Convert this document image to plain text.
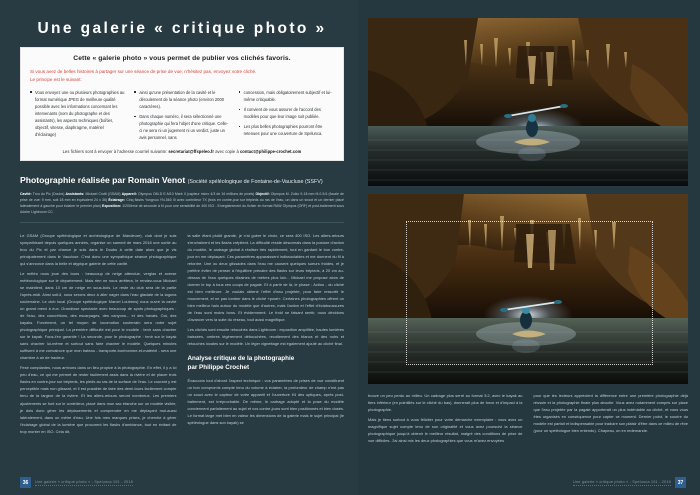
Une galerie « critique photo »
Cette « galerie photo » vous permet de publier vos clichés favoris.
Si vous avez de belles histoires à partager sur une séance de prise de vue, n'hésitez pas, envoyez votre cliché.
Le principe est le suivant:
Vous envoyez une ou plusieurs photographies au format numérique JPEG de meilleure qualité possible avec les informations concernant les intervenants (nom du photographe et des assistants), les aspects techniques (boîtier, objectif, vitesse, diaphragme, matériel d'éclairage)
ainsi qu'une présentation de la cavité et le déroulement de la séance photo (environ 2000 caractères).
Dans chaque numéro, il sera sélectionné une photographie qui fera l'objet d'une critique. Celle-ci ne sera ni un jugement ni un verdict, juste un avis personnel, sans
concession, mais obligatoirement subjectif et lui-même critiquable.
Il convient de vous assurer de l'accord des modèles pour que leur image soit publiée.
Les plus belles photographies pourront être retenues pour une couverture de Spelunca.
Les fichiers sont à envoyer à l'adresse courriel suivante: secretariat@ffspeleo.fr avec copie à contact@philippe-crochet.com
Photographie réalisée par Romain Venot (Société spéléologique de Fontaine-de-Vaucluse (SSFV)
Cavité: Trou du Pic (Doubs) Assistants: Mickael Crotti (GSAM) Appareil: Olympus OM-D E-M10 Mark II (capteur micro 4/3 de 16 millions de pixels) Objectif: Olympus M. Zuiko 9-18 mm f4.0-5.6 (focale de prise de vue: 9 mm, soit 18 mm en équivalent 24 x 36) Éclairage: Cinq flashs Yongnuo YN-560 III avec contrôleur TX (trois en contre-jour sur trépieds au ras de l'eau, un dans un snoot et un dernier placé latéralement à gauche pour éclairer le premier plan) Exposition: 1/200ème de seconde à f4 pour une sensibilité de 400 ISO - Enregistrement du fichier en format RAW Olympus (ORF) et post-traitement sous Adobe Lightroom CC.

Le GSAM (Groupe spéléologique et archéologique de Mandeure), club dont je suis sympathisant depuis quelques années, organise un samedi de mars 2018 une sortie au trou du Pic et par chance je suis dans le Doubs à cette date alors que je vis principalement dans le Vaucluse. C'est donc une sympathique séance photographique qui s'annonce dans la belle et atypique galerie de cette cavité.

Le météo nous joue des tours : beaucoup de neige attendue, verglas et averse météorologique sur le département. Mais rien ne nous arrêtera, le rendez-vous Mickael se maintient, dans 10 cm de neige en sous-bois. Le reste du club sera de la partie l'après-midi. Ainsi soit-il, nous serons deux à aller nager dans l'eau glaciale de la laguna souterraine. Le club local (Groupe spéléologique Marcel Loubens) nous ouvre la cavité un grand merci à eux. Grandiose spectacle avec beaucoup de spots photographiques : de l'eau, des concrétions, des escarpages, des canyons... et des havats. Oui, des kayaks. Forcément, un tel moyen de locomotion souterrain sera notre sujet photographique principal. La première difficulté est pour le modèle : tenir sans chavirer sur le kayak. Fous-t'en garantie ! La seconde, pour le photographe : tenir sur le kayak sans chavirer lui-même et surtout sans faire chavirer le modèle. Quelques minutes suffisent à me convaincre que mon bateau - transporte-bonhomme-et-matériel - sera une chambre à air de tracteur.

Fesé complantes, nous arrivons dans un lieu propice à la photographie. En effet, il y a ici peu d'eau, ce qui me permet de rester facilement assis dans la rivière et de placer trois flashs en contre-jour sur trépieds, les pieds au ras de la surface de l'eau. Le courant y est perceptible mais non glissant, et il est possible de faire des demi-tours facilement compte tenu de la largeur de la rivière. Et les allers-retours seront nombreux. Les premiers ajustements se font sur le contrôleur, placé dans mon sac étanche sur un modèle visible, je dois donc gérer les déplacements et comprendre en me déplaçant moi-aussi latéralement, dans un mètre d'eau. Une fois mes marques prises, je cherche à gérer l'éclairage global de la lumière que procurent les flashs d'ambiance, tout en évitant de trop monter en ISO. Cela dit,

la salle étant plutôt grande, je n'ai guère le choix, ce sera 400 ISO. Les allers-retours s'enchaînent et les flashs crépitent. La difficulté réside désormais dans la posture d'action du modèle, le cadrage global à réaliser très rapidement, tout en gardant le bon contre-jour en me déplaçant. Ces paramètres apparaissent indissociables et me donnent du fil à retordre. Une ou deux glissades dans l'eau me causent quelques sueurs froides, et je préfère éviter de penser à l'équilibre précaire des flashs sur leurs trépieds, à 20 cm au-dessus de l'eau quelques dizaines de mètres plus loin... Mickael me propose alors de dormer le top à tous ces coups de pagaie. Et à partir de là, le phase : Action - du cliché est bien meilleure. Je voulais obtenir l'effet d'eau projetée, pour faire ressortir le mouvement, et ne pas tomber dans le cliché «posé». Certaines photographies offrent un bien meilleur halo autour du modèle que d'autres, mais l'action et l'effet d'éclaboussures de l'eau sont moins bons. Et évidemment. Le froid se faisant sentir, nous décidons d'avancer vers la suite du réseau, tout aussi magnifique.

Les clichés sont ensuite retouchés dans Lightroom : exposition amplifiée, hautes lumières baissées, ombres légèrement débouchées, recollement des blancs et des noirs et retouches locales sur le modèle. Un léger vignettage est également ajouté au cliché final.

Analyse critique de la photographie
par Philippe Crochet

Évacuons tout d'abord l'aspect technique : vos paramètres de prises de vue constituent un bon compromis compte tenu du volume à éclairer, la profondeur de champ n'est pas un souci avec le capteur de votre appareil et l'ouverture f/4 des optiques, après post-traitement, est irréprochable. De même, le cadrage adopté et la pose du modèle conviennent parfaitement au sujet et vos contre-jours sont bien positionnés et bien dosés. Le format large met bien en valeur les dimensions de la galerie mais le sujet principal (le spéléologue dans son kayak) se

36	Une galerie « critique photo » - Spelunca 151 - 2018

trouve un peu perdu au milieu. Un cadrage plus serré au format 3:2, avec le kayak au tiers inférieur (en pointillés sur le cliché du bas), donnerait plus de force et d'impact à la photographie.

Mais je tiens surtout à vous féliciter pour votre démarche exemplaire : vous avez un magnifique sujet compte tenu de son originalité et vous avez poursuivi la séance photographique jusqu'à obtenir le meilleur résultat, malgré des conditions de prise de vue difficiles. J'ai ainsi mis les deux photographies que vous m'avez envoyées

pour que les lecteurs apprécient la différence entre une première photographie déjà réussie et la photographie finale plus aboutie. Vous avez notamment compris sur place que l'eau projetée par la pagaie apporterait un plus indéniable au cliché, et vous vous êtes organisés en conséquence pour capter ce moment. Dernier point, le sourire du modèle est parfait et indispensable pour traduire son plaisir d'être dans ce milieu de rêve (pour un spéléologue bien entendu). Chapeau, on en redemande.

Une galerie « critique photo » - Spelunca 151 - 2018	37
